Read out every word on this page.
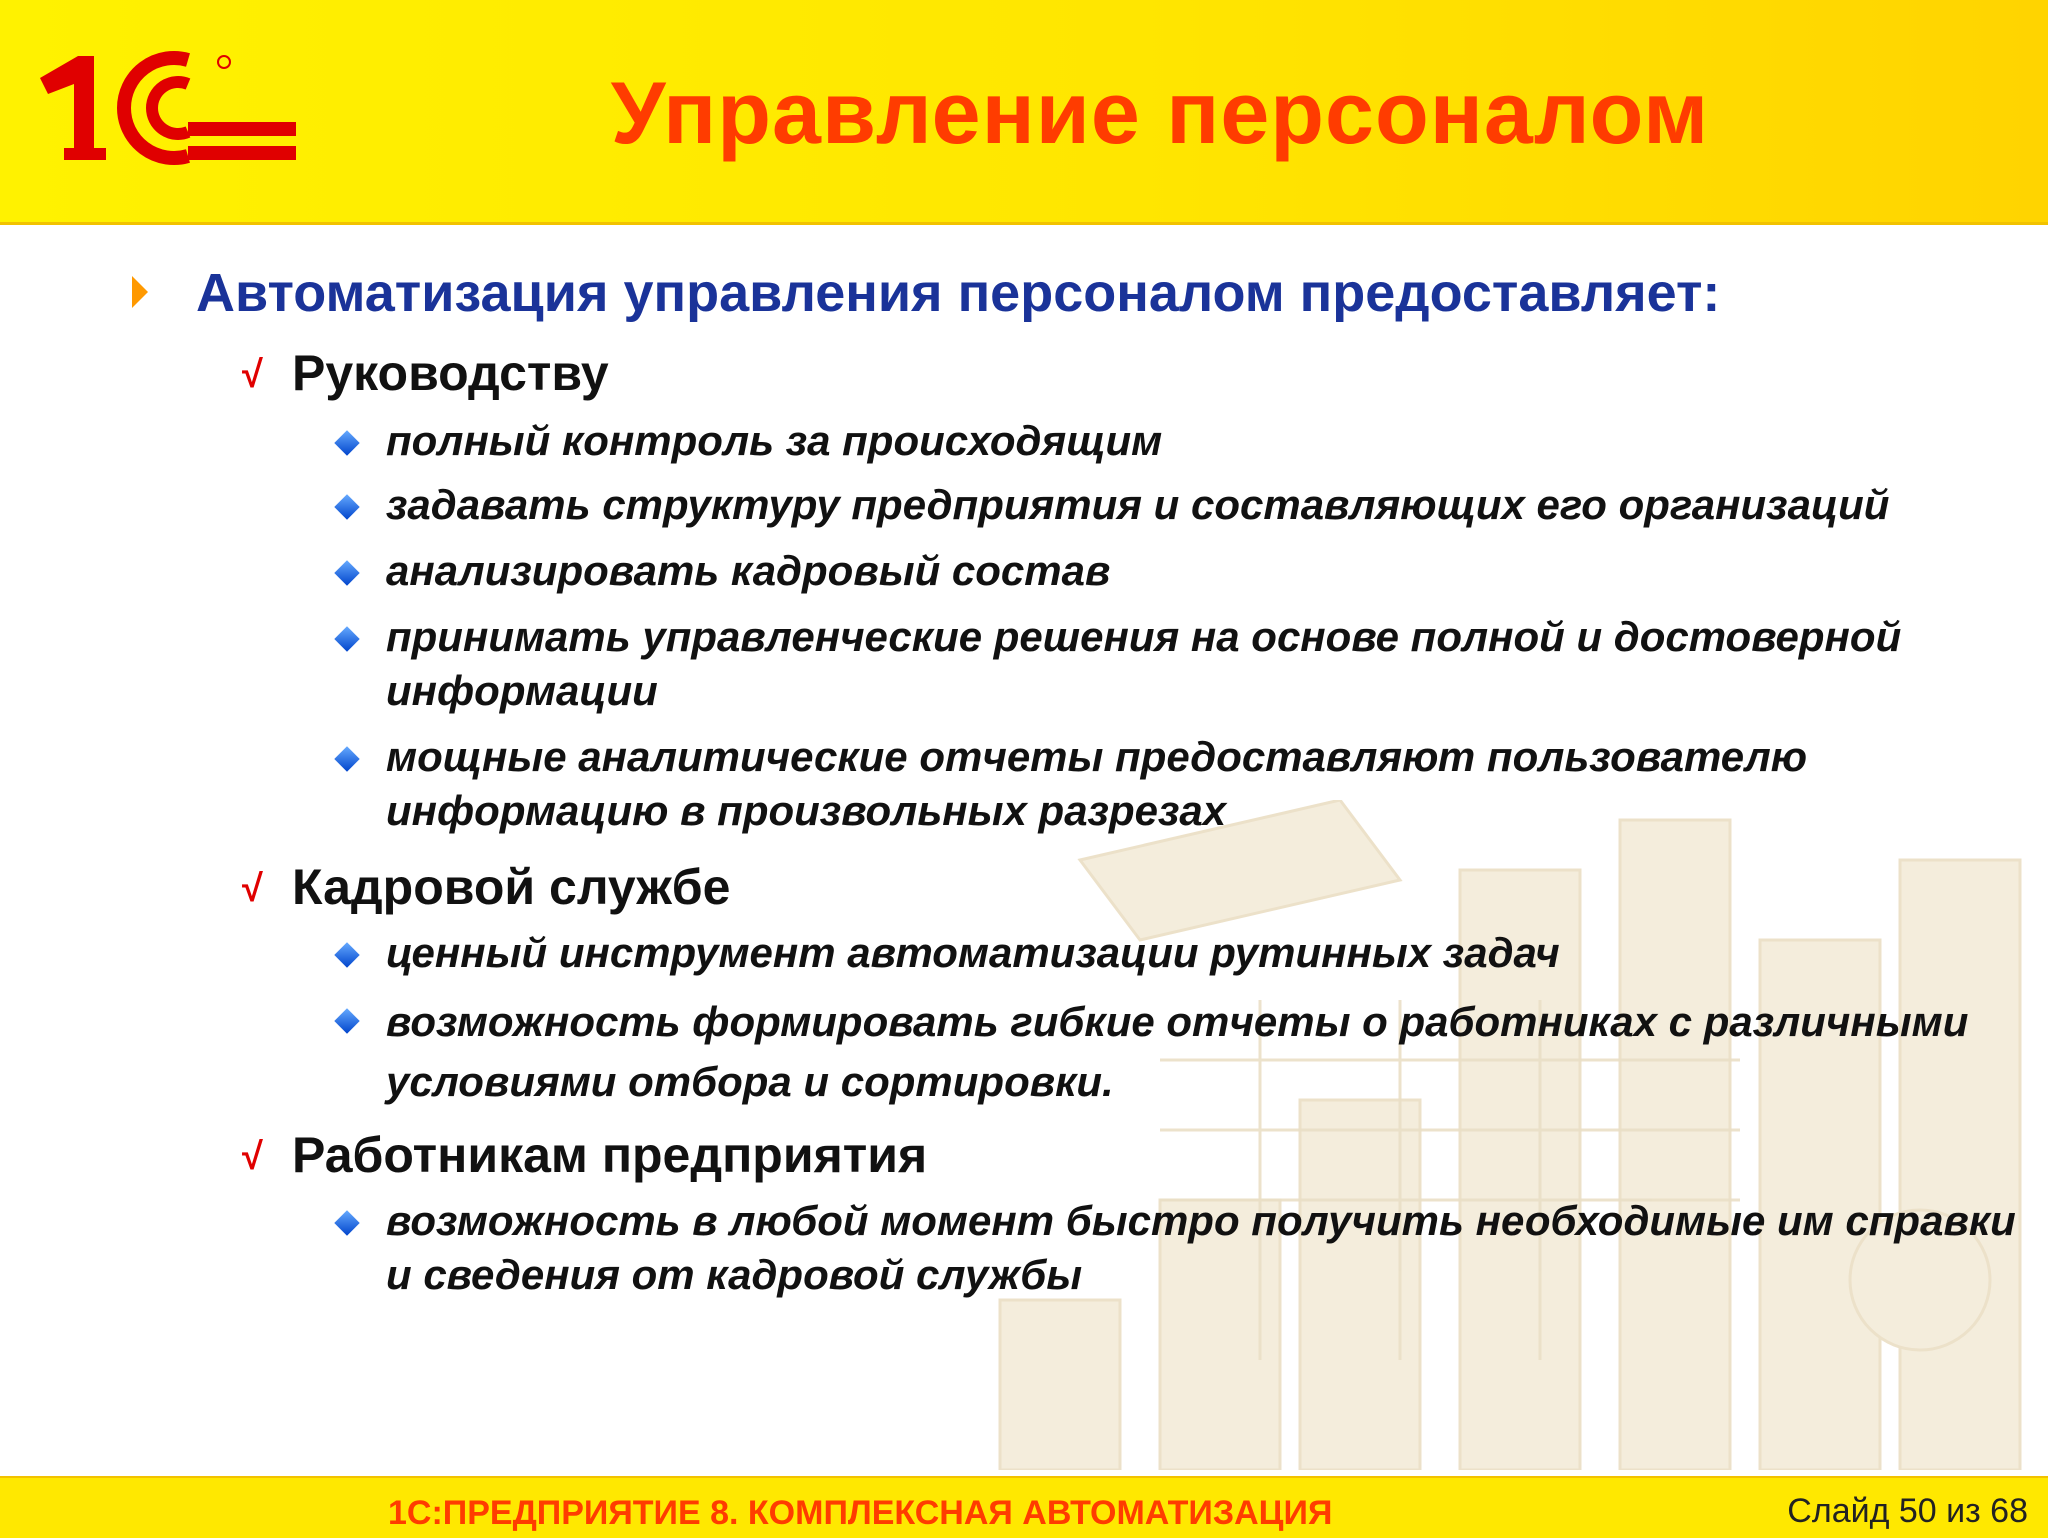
Управление персоналом
Автоматизация управления персоналом предоставляет:
√ Руководству
полный контроль за происходящим
задавать структуру предприятия и составляющих его организаций
анализировать кадровый состав
принимать управленческие решения на основе полной и достоверной информации
мощные аналитические отчеты предоставляют пользователю информацию в произвольных разрезах
√ Кадровой службе
ценный инструмент автоматизации рутинных задач
возможность формировать гибкие отчеты о работниках с различными условиями отбора и сортировки.
√ Работникам предприятия
возможность в любой момент быстро получить необходимые им справки и сведения от кадровой службы
1С:ПРЕДПРИЯТИЕ 8. КОМПЛЕКСНАЯ АВТОМАТИЗАЦИЯ	Слайд 50 из 68
